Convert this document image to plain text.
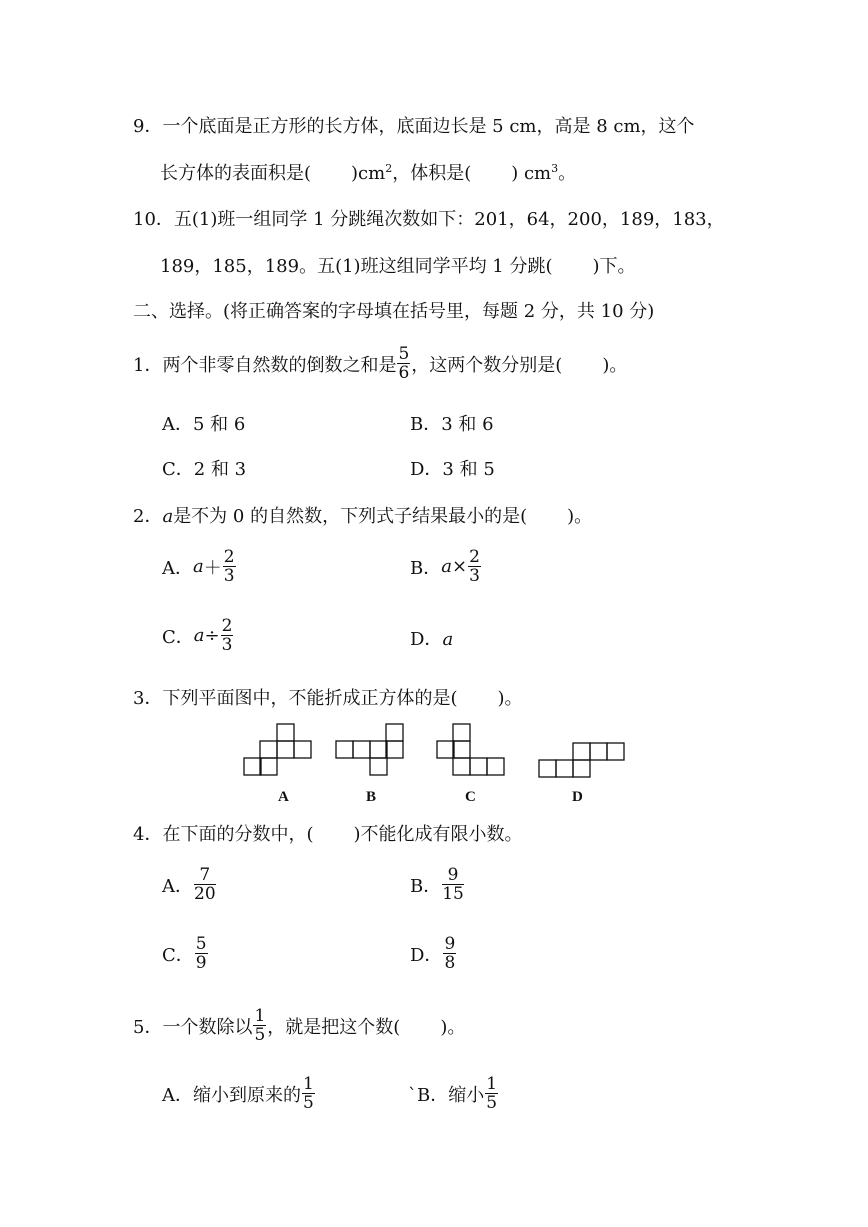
9．一个底面是正方形的长方体，底面边长是 5 cm，高是 8 cm，这个
长方体的表面积是( )$cm^2$，体积是( ) $cm^3$。
10．五(1)班一组同学 1 分跳绳次数如下：201，64，200，189，183，
189，185，189。五(1)班这组同学平均 1 分跳( )下。
二、选择。(将正确答案的字母填在括号里，每题 2 分，共 10 分)
1．两个非零自然数的倒数之和是 $\frac{5}{6}$ ，这两个数分别是( )。
A．5 和 6	B．3 和 6
C．2 和 3	D．3 和 5
2．a是不为 0 的自然数，下列式子结果最小的是( )。
A． $a + \frac{2}{3}$	B． $a \times \frac{2}{3}$
C． $a \div \frac{2}{3}$	D．a
3．下列平面图中，不能折成正方体的是( )。
A	B	C	D
4．在下面的分数中，( )不能化成有限小数。
A． $\frac{7}{20}$	B． $\frac{9}{15}$
C． $\frac{5}{9}$	D． $\frac{9}{8}$
5．一个数除以 $\frac{1}{5}$ ，就是把这个数( )。
A．缩小到原来的 $\frac{1}{5}$	`B．缩小 $\frac{1}{5}$
